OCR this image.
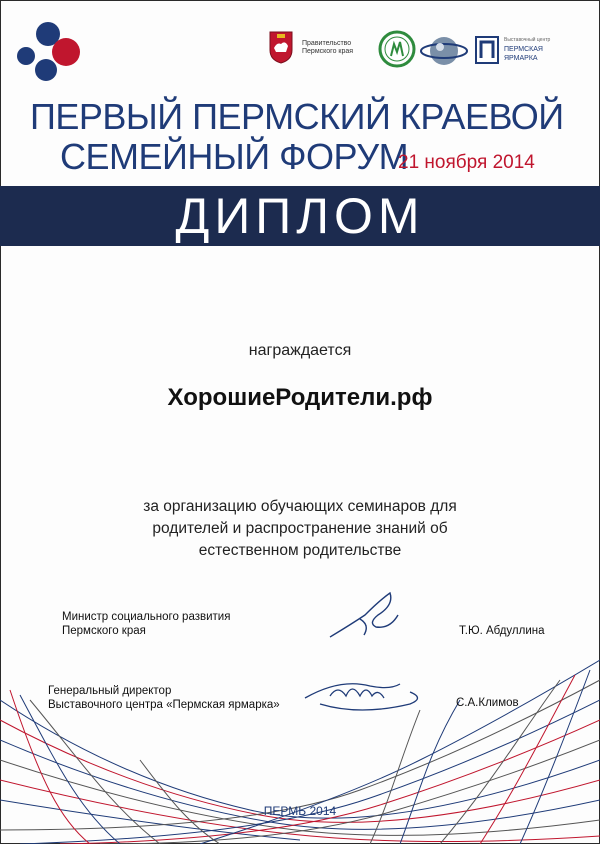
Правительство
Пермского края
Выставочный центр
ПЕРМСКАЯ
ЯРМАРКА
ПЕРВЫЙ ПЕРМСКИЙ КРАЕВОЙ
СЕМЕЙНЫЙ ФОРУМ
21 ноября 2014
ДИПЛОМ
награждается
ХорошиеРодители.рф
за организацию обучающих семинаров для
родителей и распространение знаний об
естественном родительстве
Министр социального развития
Пермского края	Т.Ю. Абдуллина
Генеральный директор
Выставочного центра «Пермская ярмарка»	С.А.Климов
ПЕРМЬ 2014
